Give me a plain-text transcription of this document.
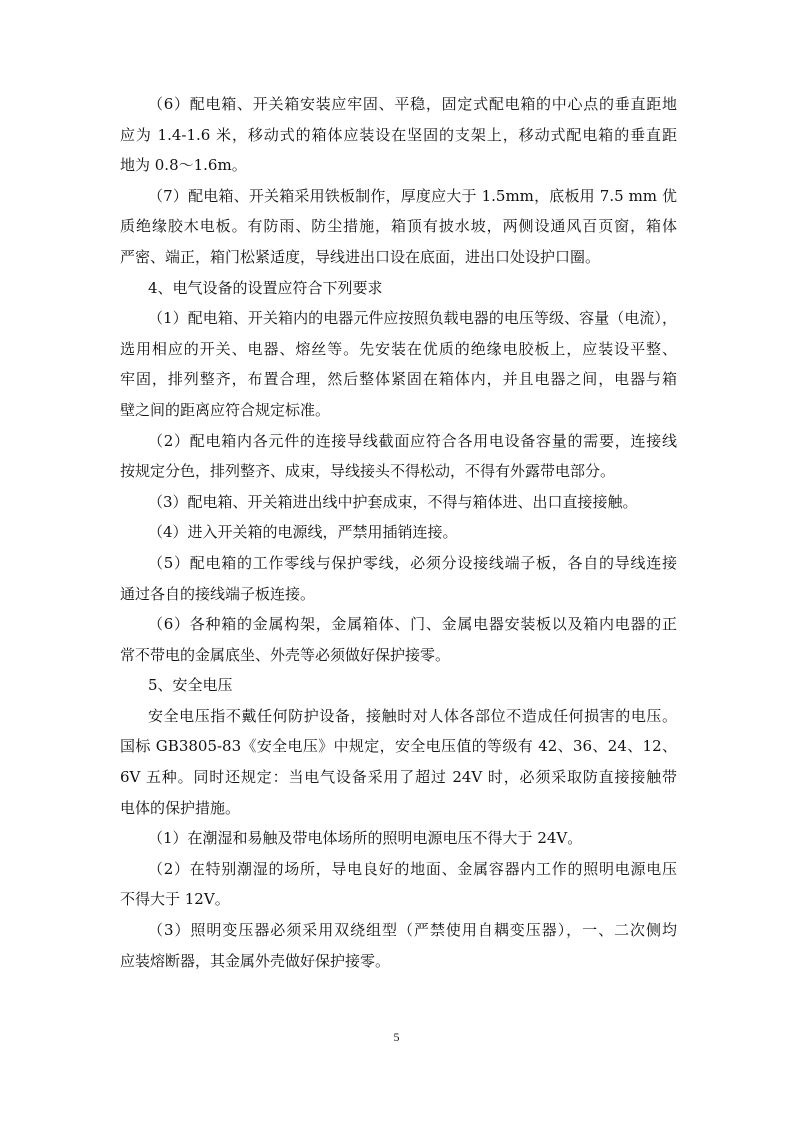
（6）配电箱、开关箱安装应牢固、平稳，固定式配电箱的中心点的垂直距地
应为 1.4-1.6 米，移动式的箱体应装设在坚固的支架上，移动式配电箱的垂直距
地为 0.8～1.6m。
（7）配电箱、开关箱采用铁板制作，厚度应大于 1.5mm，底板用 7.5 mm 优
质绝缘胶木电板。有防雨、防尘措施，箱顶有披水坡，两侧设通风百页窗，箱体
严密、端正，箱门松紧适度，导线进出口设在底面，进出口处设护口圈。
4、电气设备的设置应符合下列要求
（1）配电箱、开关箱内的电器元件应按照负载电器的电压等级、容量（电流），
选用相应的开关、电器、熔丝等。先安装在优质的绝缘电胶板上，应装设平整、
牢固，排列整齐，布置合理，然后整体紧固在箱体内，并且电器之间，电器与箱
壁之间的距离应符合规定标准。
（2）配电箱内各元件的连接导线截面应符合各用电设备容量的需要，连接线
按规定分色，排列整齐、成束，导线接头不得松动，不得有外露带电部分。
（3）配电箱、开关箱进出线中护套成束，不得与箱体进、出口直接接触。
（4）进入开关箱的电源线，严禁用插销连接。
（5）配电箱的工作零线与保护零线，必须分设接线端子板，各自的导线连接
通过各自的接线端子板连接。
（6）各种箱的金属构架，金属箱体、门、金属电器安装板以及箱内电器的正
常不带电的金属底坐、外壳等必须做好保护接零。
5、安全电压
安全电压指不戴任何防护设备，接触时对人体各部位不造成任何损害的电压。
国标 GB3805-83《安全电压》中规定，安全电压值的等级有 42、36、24、12、
6V 五种。同时还规定：当电气设备采用了超过 24V 时，必须采取防直接接触带
电体的保护措施。
（1）在潮湿和易触及带电体场所的照明电源电压不得大于 24V。
（2）在特别潮湿的场所，导电良好的地面、金属容器内工作的照明电源电压
不得大于 12V。
（3）照明变压器必须采用双绕组型（严禁使用自耦变压器），一、二次侧均
应装熔断器，其金属外壳做好保护接零。
5
